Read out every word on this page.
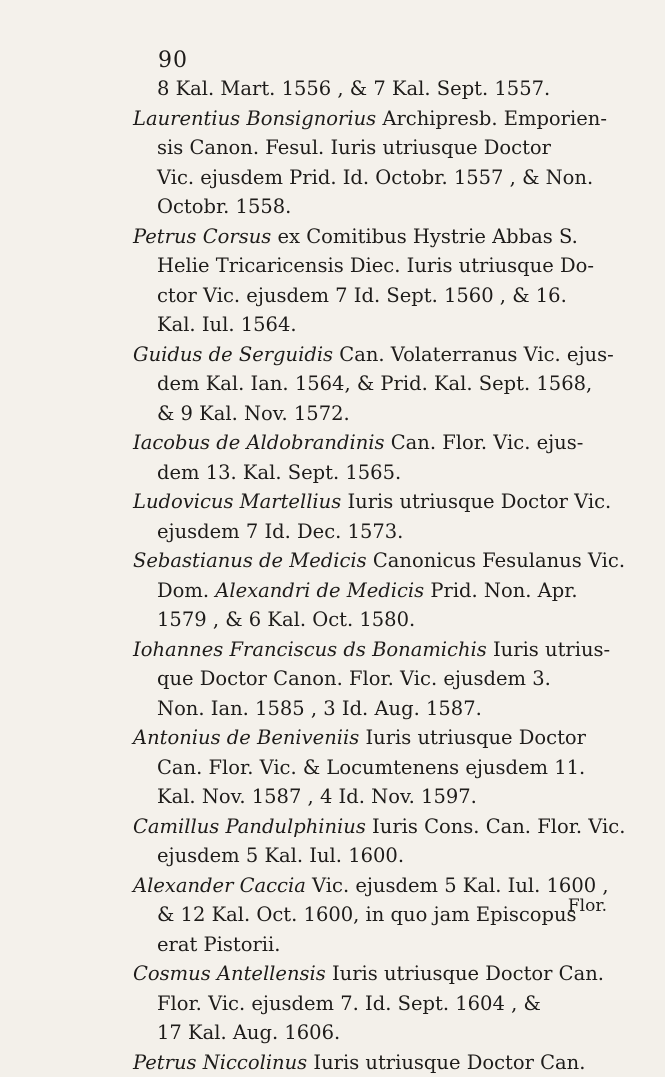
90
8 Kal. Mart. 1556 , & 7 Kal. Sept. 1557.
Laurentius Bonsignorius Archipresb. Emporien-
sis Canon. Fesul. Iuris utriusque Doctor
Vic. ejusdem Prid. Id. Octobr. 1557 , & Non.
Octobr. 1558.
Petrus Corsus ex Comitibus Hystrie Abbas S.
Helie Tricaricensis Diec. Iuris utriusque Do-
ctor Vic. ejusdem 7 Id. Sept. 1560 , & 16.
Kal. Iul. 1564.
Guidus de Serguidis Can. Volaterranus Vic. ejus-
dem Kal. Ian. 1564, & Prid. Kal. Sept. 1568,
& 9 Kal. Nov. 1572.
Iacobus de Aldobrandinis Can. Flor. Vic. ejus-
dem 13. Kal. Sept. 1565.
Ludovicus Martellius Iuris utriusque Doctor Vic.
ejusdem 7 Id. Dec. 1573.
Sebastianus de Medicis Canonicus Fesulanus Vic.
Dom. Alexandri de Medicis Prid. Non. Apr.
1579 , & 6 Kal. Oct. 1580.
Iohannes Franciscus ds Bonamichis Iuris utrius-
que Doctor Canon. Flor. Vic. ejusdem 3.
Non. Ian. 1585 , 3 Id. Aug. 1587.
Antonius de Beniveniis Iuris utriusque Doctor
Can. Flor. Vic. & Locumtenens ejusdem 11.
Kal. Nov. 1587 , 4 Id. Nov. 1597.
Camillus Pandulphinius Iuris Cons. Can. Flor. Vic.
ejusdem 5 Kal. Iul. 1600.
Alexander Caccia Vic. ejusdem 5 Kal. Iul. 1600 ,
& 12 Kal. Oct. 1600, in quo jam Episcopus
erat Pistorii.
Cosmus Antellensis Iuris utriusque Doctor Can.
Flor. Vic. ejusdem 7. Id. Sept. 1604 , &
17 Kal. Aug. 1606.
Petrus Niccolinus Iuris utriusque Doctor Can.
Flor.
